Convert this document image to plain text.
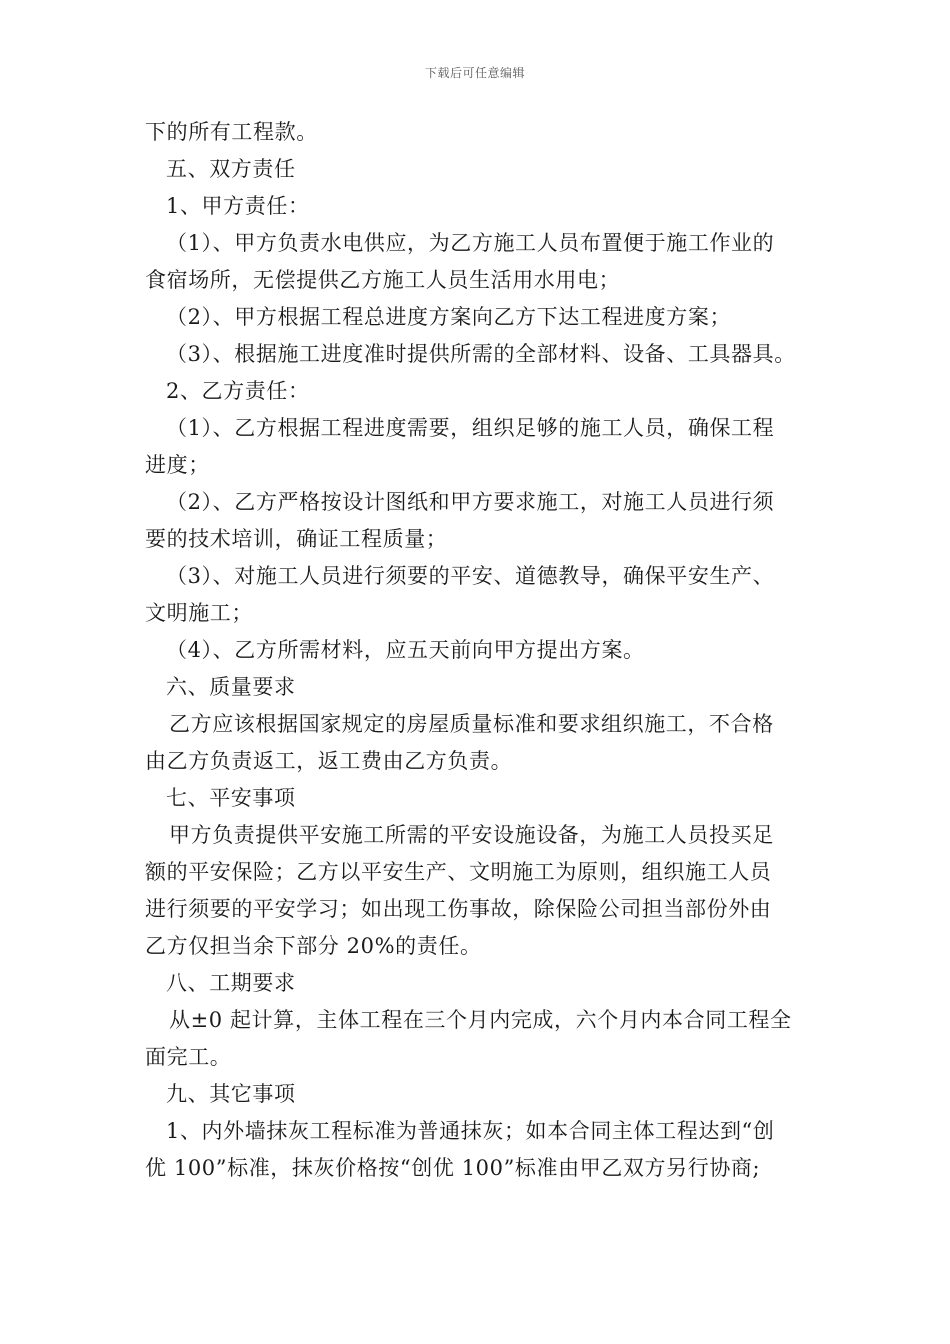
下载后可任意编辑
下的所有工程款。
五、双方责任
1、甲方责任：
（1）、甲方负责水电供应，为乙方施工人员布置便于施工作业的
食宿场所，无偿提供乙方施工人员生活用水用电；
（2）、甲方根据工程总进度方案向乙方下达工程进度方案；
（3）、根据施工进度准时提供所需的全部材料、设备、工具器具。
2、乙方责任：
（1）、乙方根据工程进度需要，组织足够的施工人员，确保工程
进度；
（2）、乙方严格按设计图纸和甲方要求施工，对施工人员进行须
要的技术培训，确证工程质量；
（3）、对施工人员进行须要的平安、道德教导，确保平安生产、
文明施工；
（4）、乙方所需材料，应五天前向甲方提出方案。
六、质量要求
乙方应该根据国家规定的房屋质量标准和要求组织施工，不合格
由乙方负责返工，返工费由乙方负责。
七、平安事项
甲方负责提供平安施工所需的平安设施设备，为施工人员投买足
额的平安保险；乙方以平安生产、文明施工为原则，组织施工人员
进行须要的平安学习；如出现工伤事故，除保险公司担当部份外由
乙方仅担当余下部分 20%的责任。
八、工期要求
从±0 起计算，主体工程在三个月内完成，六个月内本合同工程全
面完工。
九、其它事项
1、内外墙抹灰工程标准为普通抹灰；如本合同主体工程达到“创
优 100”标准，抹灰价格按“创优 100”标准由甲乙双方另行协商;
